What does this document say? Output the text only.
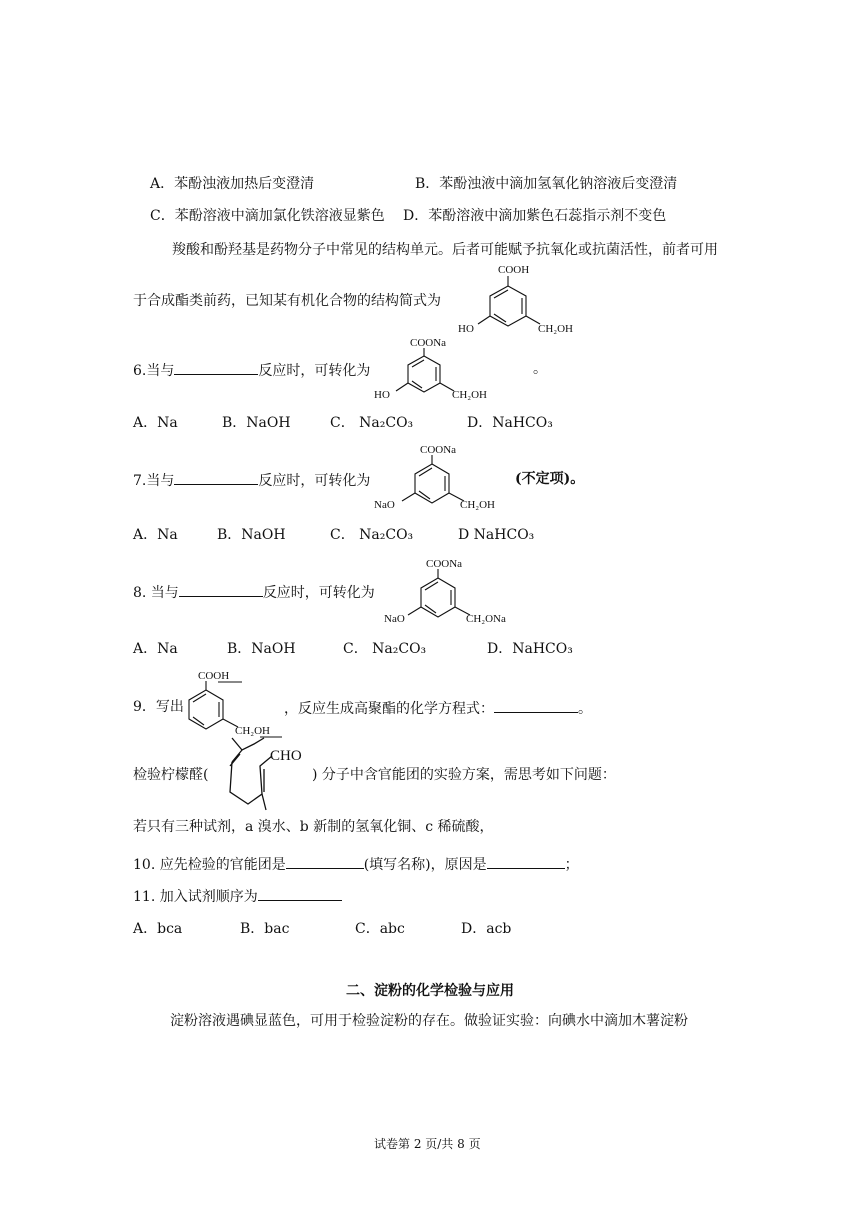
A．苯酚浊液加热后变澄清	B．苯酚浊液中滴加氢氧化钠溶液后变澄清
C．苯酚溶液中滴加氯化铁溶液显紫色 D．苯酚溶液中滴加紫色石蕊指示剂不变色
羧酸和酚羟基是药物分子中常见的结构单元。后者可能赋予抗氧化或抗菌活性，前者可用
于合成酯类前药，已知某有机化合物的结构简式为
COOH
HO	CH₂OH
6.当与	反应时，可转化为
COONa
HO	CH₂OH
。
A．Na	B．NaOH	C． Na₂CO₃	D．NaHCO₃
7.当与	反应时，可转化为
COONa
NaO	CH₂OH
(不定项)。
A．Na	B．NaOH	C． Na₂CO₃	D NaHCO₃
8. 当与	反应时，可转化为
COONa
NaO	CH₂ONa
A．Na	B．NaOH	C． Na₂CO₃	D．NaHCO₃
9．写出
COOH
CH₂OH
，反应生成高聚酯的化学方程式：	。
检验柠檬醛(
CHO
) 分子中含官能团的实验方案，需思考如下问题：
若只有三种试剂，a 溴水、b 新制的氢氧化铜、c 稀硫酸，
10. 应先检验的官能团是	(填写名称)，原因是	；
11. 加入试剂顺序为
A．bca	B．bac	C．abc	D．acb
二、淀粉的化学检验与应用
淀粉溶液遇碘显蓝色，可用于检验淀粉的存在。做验证实验：向碘水中滴加木薯淀粉
试卷第 2 页/共 8 页
